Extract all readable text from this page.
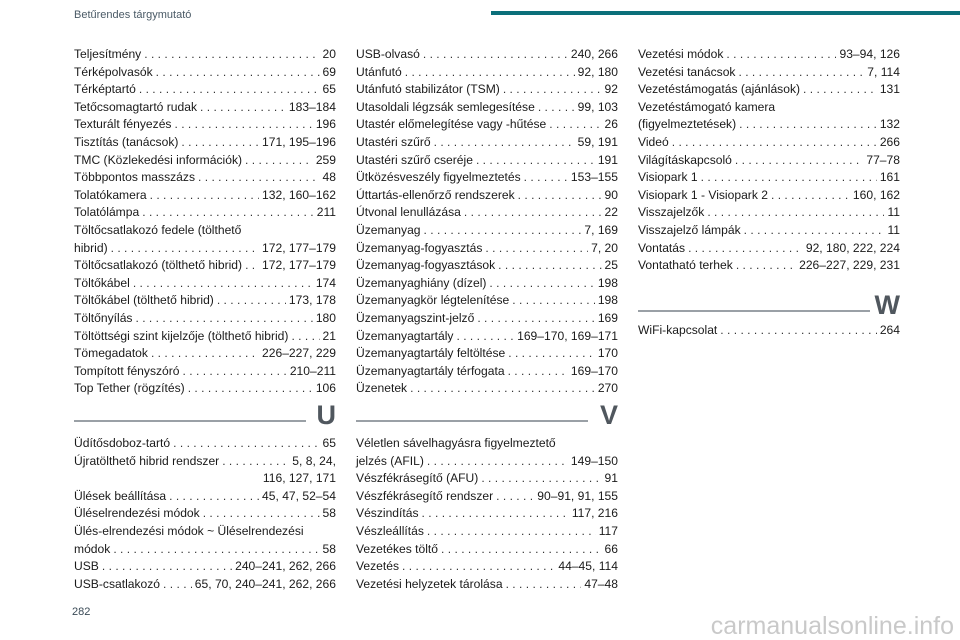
Betűrendes tárgymutató
Teljesítmény . . .	20
Térképolvasók . . .	69
Térképtartó . . .	65
Tetőcsomagtartó rudak . . .	183–184
Texturált fényezés . . .	196
Tisztítás (tanácsok) . . .	171, 195–196
TMC (Közlekedési információk) . . .	259
Többpontos masszázs . . .	48
Tolatókamera . . .	132, 160–162
Tolatólámpa . . .	211
Töltőcsatlakozó fedele (tölthető
hibrid) . . .	172, 177–179
Töltőcsatlakozó (tölthető hibrid) . . . 172, 177–179
Töltőkábel . . .	174
Töltőkábel (tölthető hibrid) . . .	173, 178
Töltőnyílás . . .	180
Töltöttségi szint kijelzője (tölthető hibrid) . . .	21
Tömegadatok . . .	226–227, 229
Tompított fényszóró . . .	210–211
Top Tether (rögzítés) . . .	106
USB-olvasó . . .	240, 266
Utánfutó . . .	92, 180
Utánfutó stabilizátor (TSM) . . .	92
Utasoldali légzsák semlegesítése . . .	99, 103
Utastér előmelegítése vagy -hűtése . . .	26
Utastéri szűrő . . .	59, 191
Utastéri szűrő cseréje . . .	191
Ütközésveszély figyelmeztetés . . .	153–155
Úttartás-ellenőrző rendszerek . . .	90
Útvonal lenullázása . . .	22
Üzemanyag . . .	7, 169
Üzemanyag-fogyasztás . . .	7, 20
Üzemanyag-fogyasztások . . .	25
Üzemanyaghiány (dízel) . . .	198
Üzemanyagkör légtelenítése . . .	198
Üzemanyagszint-jelző . . .	169
Üzemanyagtartály . . .	169–170, 169–171
Üzemanyagtartály feltöltése . . .	170
Üzemanyagtartály térfogata . . .	169–170
Üzenetek . . .	270
Vezetési módok . . .	93–94, 126
Vezetési tanácsok . . .	7, 114
Vezetéstámogatás (ajánlások) . . .	131
Vezetéstámogató kamera
(figyelmeztetések) . . .	132
Videó . . .	266
Világításkapcsoló . . .	77–78
Visiopark 1 . . .	161
Visiopark 1 - Visiopark 2 . . .	160, 162
Visszajelzők . . .	11
Visszajelző lámpák . . .	11
Vontatás . . .	92, 180, 222, 224
Vontatható terhek . . .	226–227, 229, 231
U
Üdítősdoboz-tartó . . .	65
Újratölthető hibrid rendszer . . .	5, 8, 24,
116, 127, 171
Ülések beállítása . . .	45, 47, 52–54
Üléselrendezési módok . . .	58
Ülés-elrendezési módok ~ Üléselrendezési
módok . . .	58
USB . . .	240–241, 262, 266
USB-csatlakozó . . .	65, 70, 240–241, 262, 266
V
Véletlen sávelhagyásra figyelmeztető
jelzés (AFIL) . . .	149–150
Vészfékrásegítő (AFU) . . .	91
Vészfékrásegítő rendszer . . .	90–91, 91, 155
Vészindítás . . .	117, 216
Vészleállítás . . .	117
Vezetékes töltő . . .	66
Vezetés . . .	44–45, 114
Vezetési helyzetek tárolása . . .	47–48
W
WiFi-kapcsolat . . .	264
282	carmanualsonline.info
